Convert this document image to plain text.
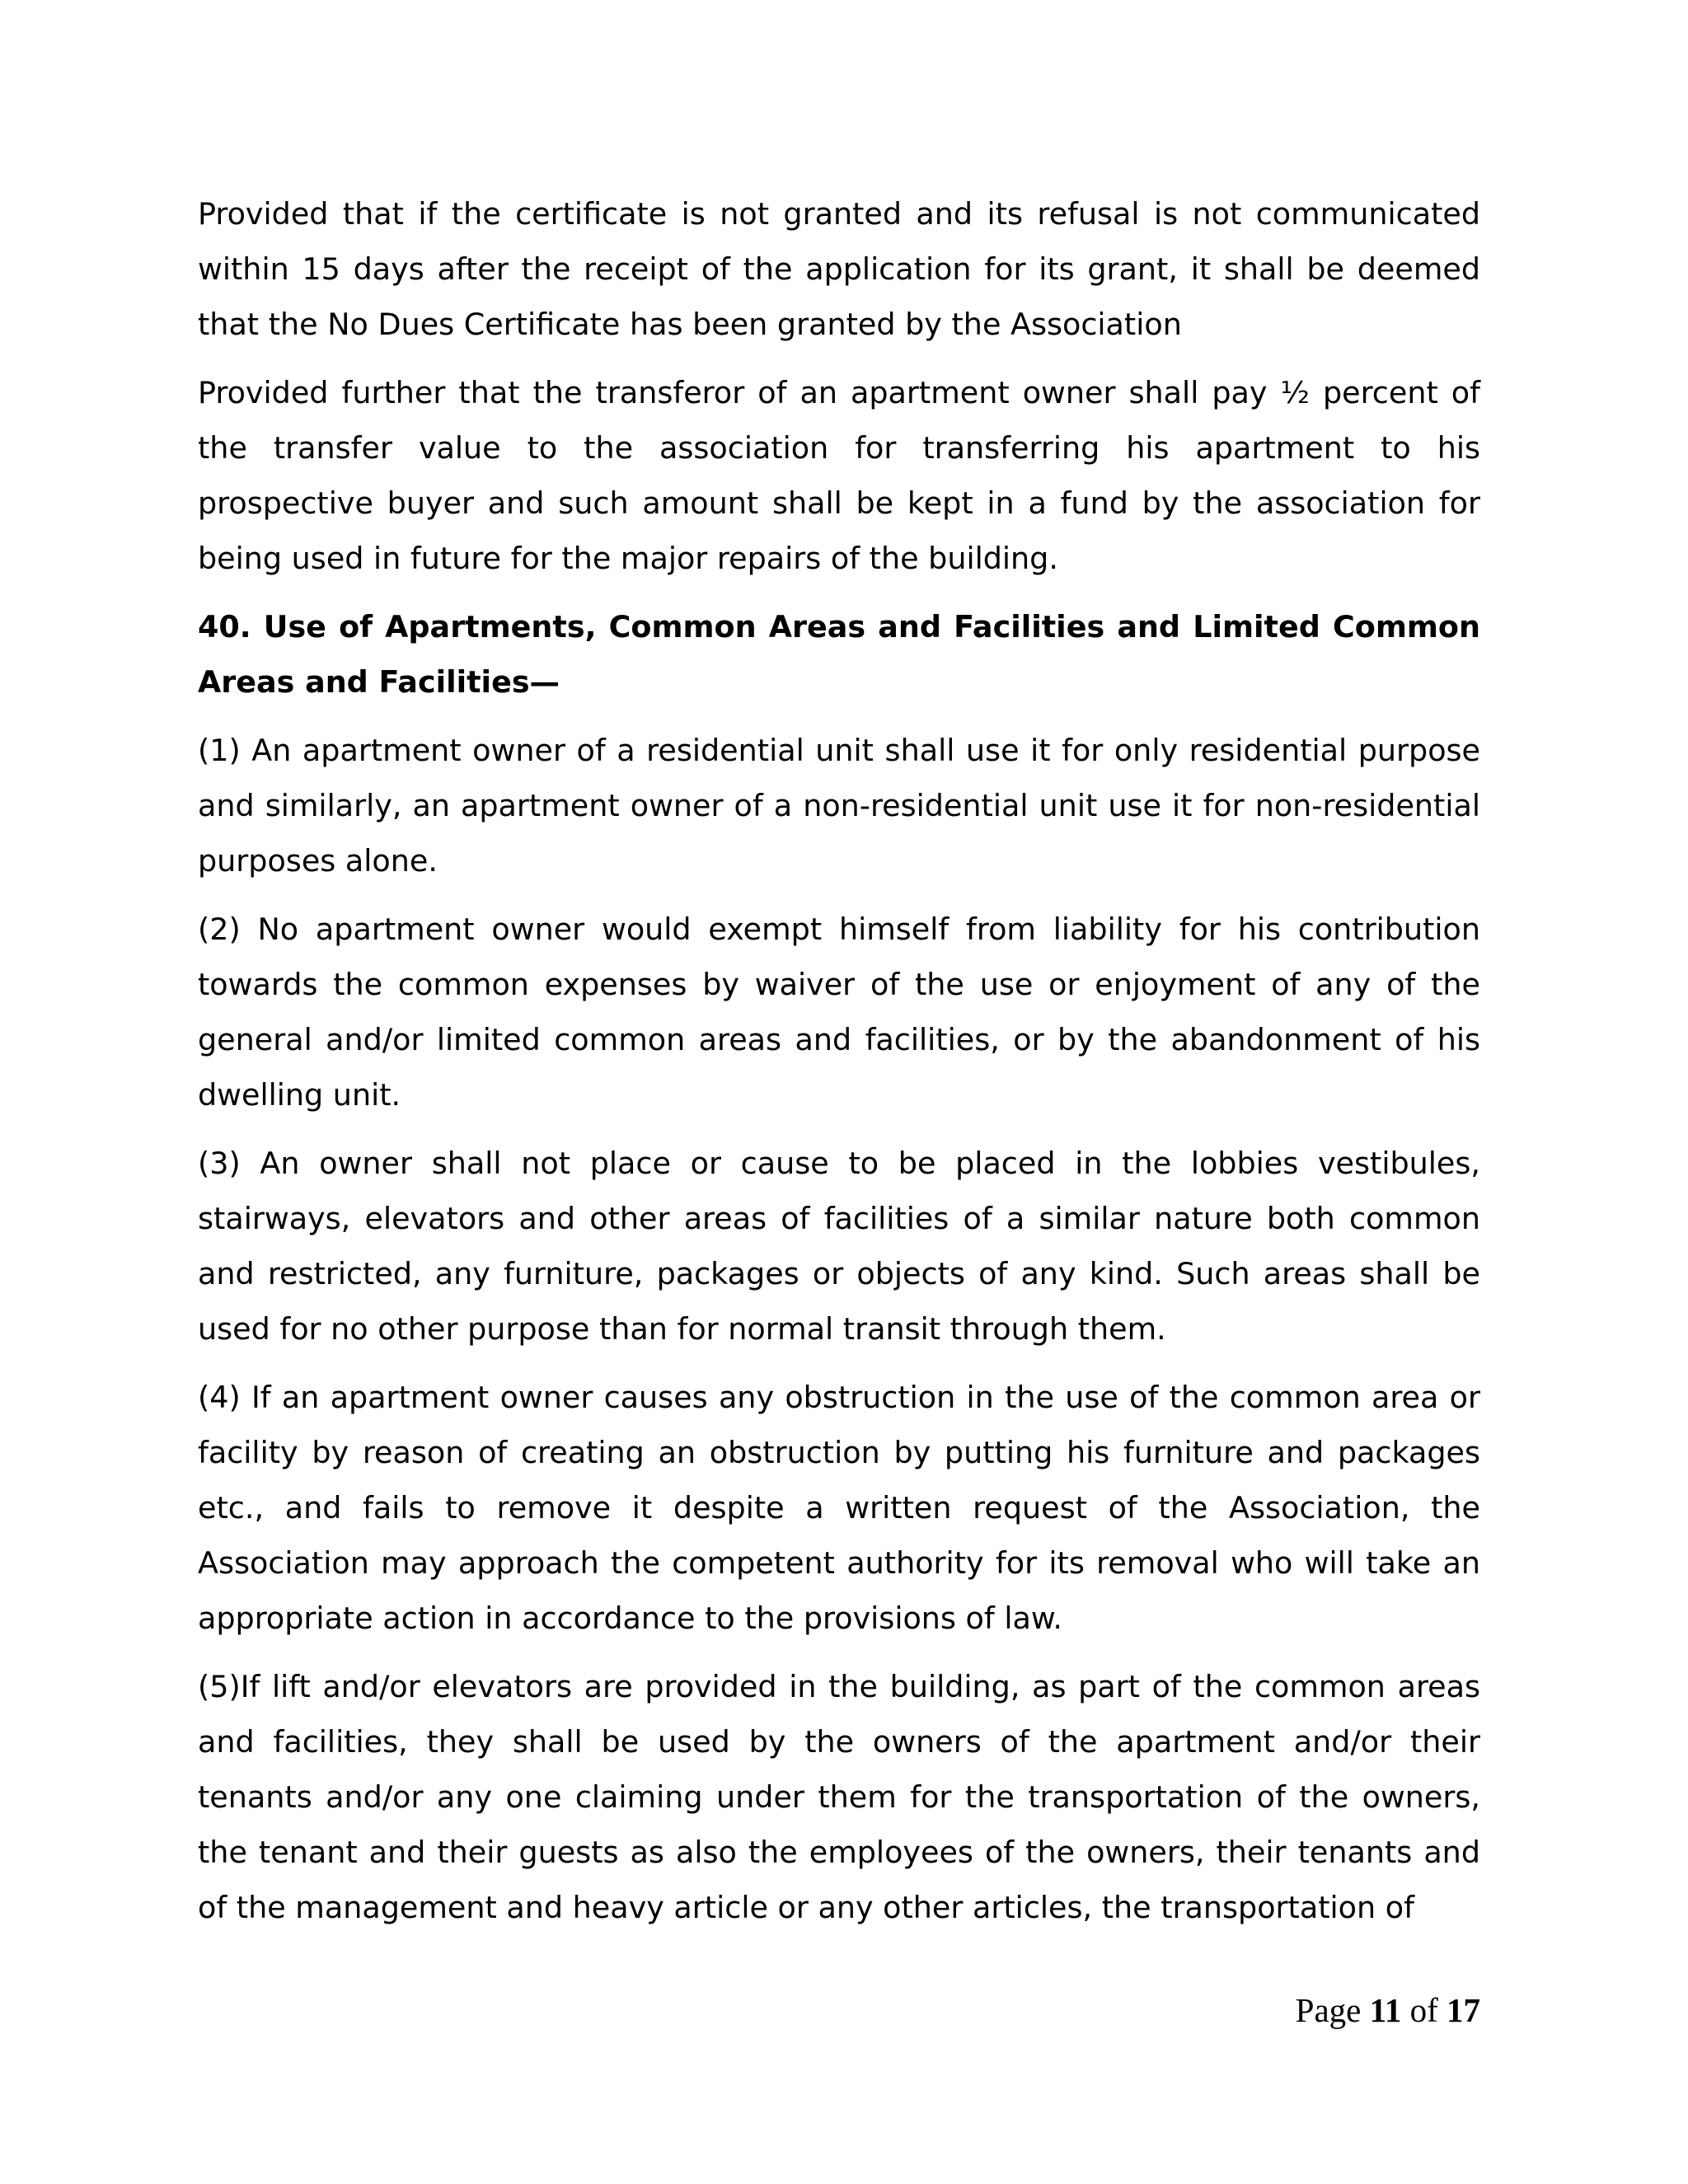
Provided that if the certificate is not granted and its refusal is not communicated within 15 days after the receipt of the application for its grant, it shall be deemed that the No Dues Certificate has been granted by the Association

Provided further that the transferor of an apartment owner shall pay ½ percent of the transfer value to the association for transferring his apartment to his prospective buyer and such amount shall be kept in a fund by the association for being used in future for the major repairs of the building.

40. Use of Apartments, Common Areas and Facilities and Limited Common Areas and Facilities—

(1) An apartment owner of a residential unit shall use it for only residential purpose and similarly, an apartment owner of a non-residential unit use it for non-residential purposes alone.

(2) No apartment owner would exempt himself from liability for his contribution towards the common expenses by waiver of the use or enjoyment of any of the general and/or limited common areas and facilities, or by the abandonment of his dwelling unit.

(3) An owner shall not place or cause to be placed in the lobbies vestibules, stairways, elevators and other areas of facilities of a similar nature both common and restricted, any furniture, packages or objects of any kind. Such areas shall be used for no other purpose than for normal transit through them.

(4) If an apartment owner causes any obstruction in the use of the common area or facility by reason of creating an obstruction by putting his furniture and packages etc., and fails to remove it despite a written request of the Association, the Association may approach the competent authority for its removal who will take an appropriate action in accordance to the provisions of law.

(5)If lift and/or elevators are provided in the building, as part of the common areas and facilities, they shall be used by the owners of the apartment and/or their tenants and/or any one claiming under them for the transportation of the owners, the tenant and their guests as also the employees of the owners, their tenants and of the management and heavy article or any other articles, the transportation of

Page 11 of 17
